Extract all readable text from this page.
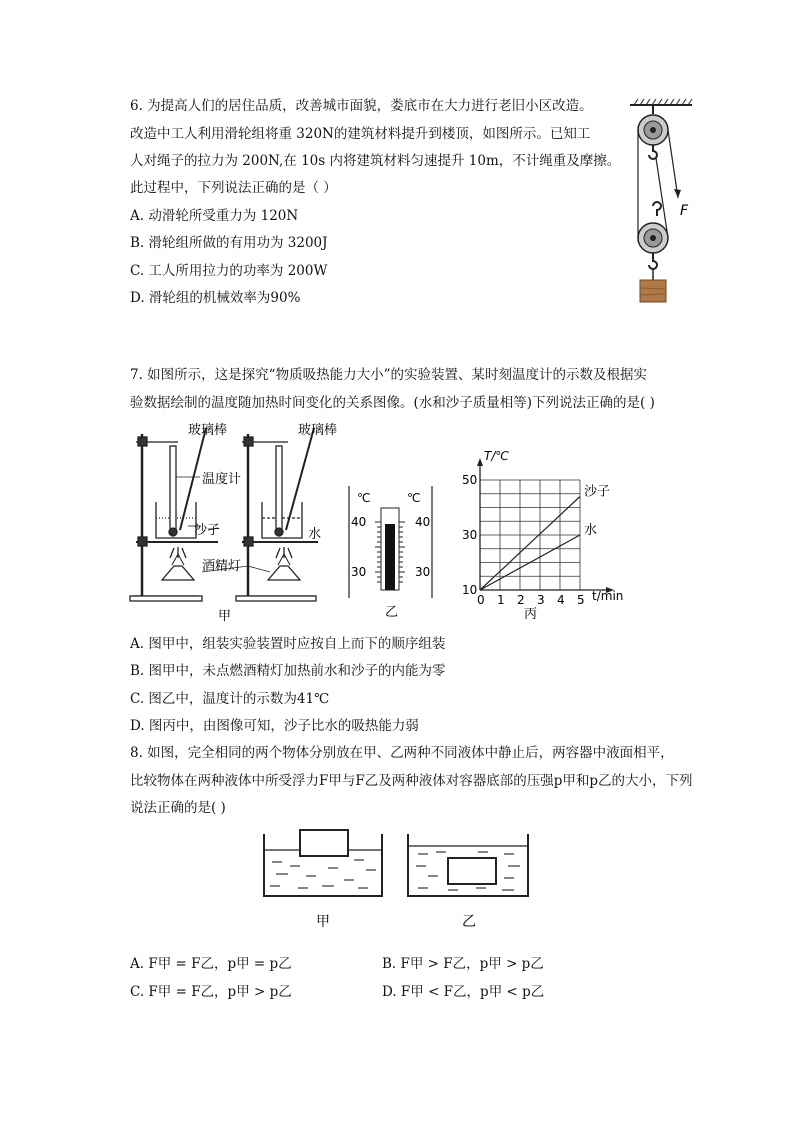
6. 为提高人们的居住品质，改善城市面貌，娄底市在大力进行老旧小区改造。
改造中工人利用滑轮组将重 320N的建筑材料提升到楼顶，如图所示。已知工
人对绳子的拉力为 200N,在 10s 内将建筑材料匀速提升 10m，不计绳重及摩擦。
此过程中，下列说法正确的是（ ）
A. 动滑轮所受重力为 120N
B. 滑轮组所做的有用功为 3200J
C. 工人所用拉力的功率为 200W
D. 滑轮组的机械效率为90%
F
7. 如图所示，这是探究“物质吸热能力大小”的实验装置、某时刻温度计的示数及根据实
验数据绘制的温度随加热时间变化的关系图像。(水和沙子质量相等)下列说法正确的是( )
玻璃棒	玻璃棒
温度计
沙子	水
酒精灯
甲
℃	℃
40
30
40
30
乙
0 1 2 3 4 5
10
30
50
T/℃
t/min
丙
沙子
水
A. 图甲中，组装实验装置时应按自上而下的顺序组装
B. 图甲中，未点燃酒精灯加热前水和沙子的内能为零
C. 图乙中，温度计的示数为41℃
D. 图丙中，由图像可知，沙子比水的吸热能力弱
8. 如图，完全相同的两个物体分别放在甲、乙两种不同液体中静止后，两容器中液面相平，
比较物体在两种液体中所受浮力F甲与F乙及两种液体对容器底部的压强p甲和p乙的大小，下列
说法正确的是( )
甲	乙
A. F甲 = F乙，p甲 = p乙	B. F甲 > F乙，p甲 > p乙
C. F甲 = F乙，p甲 > p乙	D. F甲 < F乙，p甲 < p乙
